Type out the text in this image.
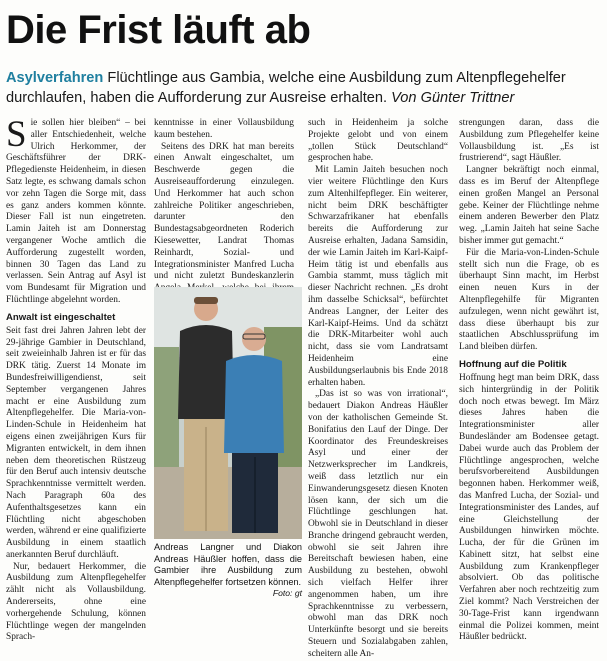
Die Frist läuft ab

Asylverfahren Flüchtlinge aus Gambia, welche eine Ausbildung zum Altenpflegehelfer durchlaufen, haben die Aufforderung zur Ausreise erhalten. Von Günter Trittner

Sie sollen hier bleiben“ – bei aller Entschiedenheit, welche Ulrich Herkommer, der Geschäftsführer der DRK-Pflegedienste Heidenheim, in diesen Satz legte, es schwang damals schon vor zehn Tagen die Sorge mit, dass es ganz anders kommen könnte. Dieser Fall ist nun eingetreten. Lamin Jaiteh ist am Donnerstag vergangener Woche amtlich die Aufforderung zugestellt worden, binnen 30 Tagen das Land zu verlassen. Sein Antrag auf Asyl ist vom Bundesamt für Migration und Flüchtlinge abgelehnt worden.

Anwalt ist eingeschaltet

Seit fast drei Jahren Jahren lebt der 29-jährige Gambier in Deutschland, seit zweieinhalb Jahren ist er für das DRK tätig. Zuerst 14 Monate im Bundesfreiwilligendienst, seit September vergangenen Jahres macht er eine Ausbildung zum Altenpflegehelfer. Die Maria-von-Linden-Schule in Heidenheim hat eigens einen zweijährigen Kurs für Migranten entwickelt, in dem ihnen neben dem theoretischen Rüstzeug für den Beruf auch intensiv deutsche Sprachkenntnisse vermittelt werden. Nach Paragraph 60a des Aufenthaltsgesetzes kann ein Flüchtling nicht abgeschoben werden, während er eine qualifizierte Ausbildung in einem staatlich anerkannten Beruf durchläuft.

Nur, bedauert Herkommer, die Ausbildung zum Altenpflegehelfer zählt nicht als Vollausbildung. Andererseits, ohne eine vorhergehende Schulung, können Flüchtlinge wegen der mangelnden Sprach-

kenntnisse in einer Vollausbildung kaum bestehen.

Seitens des DRK hat man bereits einen Anwalt eingeschaltet, um Beschwerde gegen die Ausreiseaufforderung einzulegen. Und Herkommer hat auch schon zahlreiche Politiker angeschrieben, darunter den Bundestagsabgeordneten Roderich Kiesewetter, Landrat Thomas Reinhardt, Sozial- und Integrationsminister Manfred Lucha und nicht zuletzt Bundeskanzlerin

Andreas Langner und Diakon Andreas Häußler hoffen, dass die Gambier ihre Ausbildung zum Altenpflegehelfer fortsetzen können.
Foto: gt

such in Heidenheim ja solche Projekte gelobt und von einem „tollen Stück Deutschland“ gesprochen habe.

Mit Lamin Jaiteh besuchen noch vier weitere Flüchtlinge den Kurs zum Altenhilfepfleger. Ein weiterer, nicht beim DRK beschäftigter Schwarzafrikaner hat ebenfalls bereits die Aufforderung zur Ausreise erhalten, Jadana Samsidin, der wie Lamin Jaiteh im Karl-Kaipf-Heim tätig ist und ebenfalls aus Gambia stammt, muss täglich mit dieser Nachricht rechnen. „Es droht ihm dasselbe Schicksal“, befürchtet Andreas Langner, der Leiter des Karl-Kaipf-Heims. Und da schätzt die DRK-Mitarbeiter wohl auch nicht, dass sie vom Landratsamt Heidenheim eine Ausbildungserlaubnis bis Ende 2018 erhalten haben.

„Das ist so was von irrational“, bedauert Diakon Andreas Häußler von der katholischen Gemeinde St. Bonifatius den Lauf der Dinge. Der Koordinator des Freundeskreises Asyl und einer der Netzwerksprecher im Landkreis, weiß dass letztlich nur ein Einwanderungsgesetz diesen Knoten lösen kann, der sich um die Flüchtlinge geschlungen hat. Obwohl sie in Deutschland in dieser Branche dringend gebraucht werden, obwohl sie seit Jahren ihre Bereitschaft bewiesen haben, eine Ausbildung zu bestehen, obwohl sich vielfach Helfer ihrer angenommen haben, um ihre Sprachkenntnisse zu verbessern, obwohl man das DRK noch Unterkünfte besorgt und sie bereits Steuern und Sozialabgaben zahlen, scheitern alle An-

strengungen daran, dass die Ausbildung zum Pflegehelfer keine Vollausbildung ist. „Es ist frustrierend“, sagt Häußler.

Langner bekräftigt noch einmal, dass es im Beruf der Altenpflege einen großen Mangel an Personal gebe. Keiner der Flüchtlinge nehme einem anderen Bewerber den Platz weg. „Lamin Jaiteh hat seine Sache bisher immer gut gemacht.“

Für die Maria-von-Linden-Schule stellt sich nun die Frage, ob es überhaupt Sinn macht, im Herbst einen neuen Kurs in der Altenpflegehilfe für Migranten aufzulegen, wenn nicht gewährt ist, dass diese überhaupt bis zur staatlichen Abschlussprüfung im Land bleiben dürfen.

Hoffnung auf die Politik

Hoffnung hegt man beim DRK, dass sich hintergründig in der Politik doch noch etwas bewegt. Im März dieses Jahres haben die Integrationsminister aller Bundesländer am Bodensee getagt. Dabei wurde auch das Problem der Flüchtlinge angesprochen, welche berufsvorbereitend Ausbildungen begonnen haben. Herkommer weiß, das Manfred Lucha, der Sozial- und Integrationsminister des Landes, auf eine Gleichstellung der Ausbildungen hinwirken möchte. Lucha, der für die Grünen im Kabinett sitzt, hat selbst eine Ausbildung zum Krankenpfleger absolviert. Ob das politische Verfahren aber noch rechtzeitig zum Ziel kommt? Nach Verstreichen der 30-Tage-Frist kann irgendwann einmal die Polizei kommen, meint Häußler bedrückt.
